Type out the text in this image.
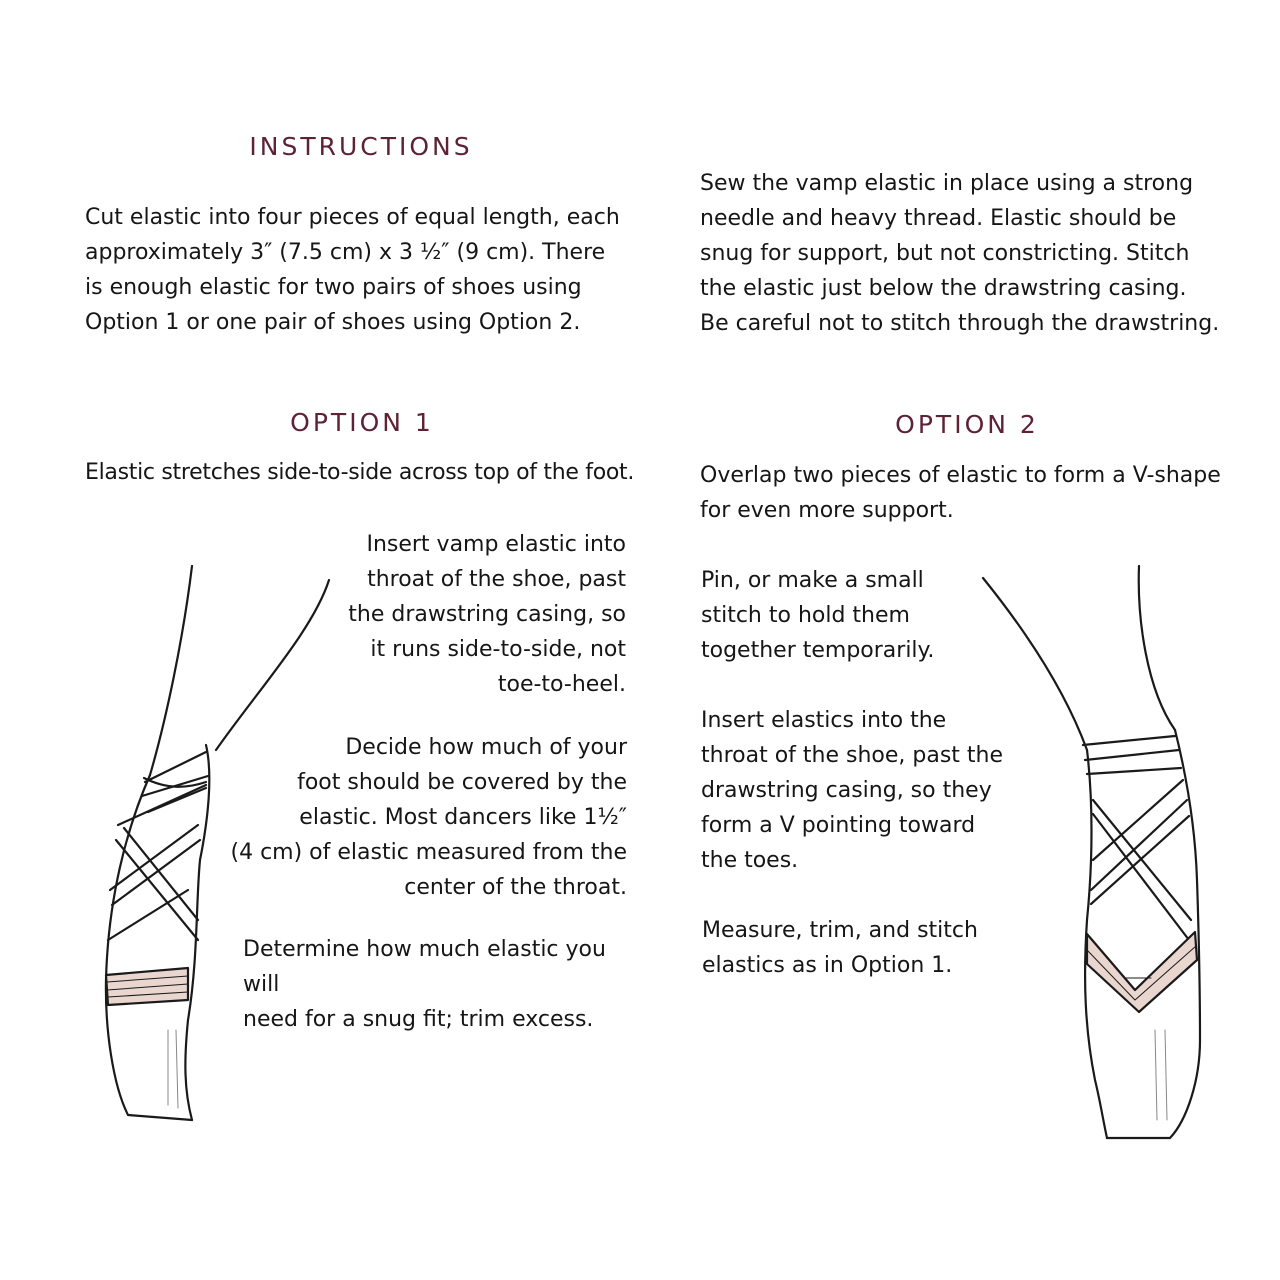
INSTRUCTIONS

Cut elastic into four pieces of equal length, each
approximately 3″ (7.5 cm) x 3 ½″ (9 cm). There
is enough elastic for two pairs of shoes using
Option 1 or one pair of shoes using Option 2.

OPTION 1

Elastic stretches side-to-side across top of the foot.

Insert vamp elastic into
throat of the shoe, past
the drawstring casing, so
it runs side-to-side, not
toe-to-heel.

Decide how much of your
foot should be covered by the
elastic. Most dancers like 1½″
(4 cm) of elastic measured from the
center of the throat.

Determine how much elastic you will
need for a snug fit; trim excess.

Sew the vamp elastic in place using a strong
needle and heavy thread. Elastic should be
snug for support, but not constricting. Stitch
the elastic just below the drawstring casing.
Be careful not to stitch through the drawstring.

OPTION 2

Overlap two pieces of elastic to form a V-shape
for even more support.

Pin, or make a small
stitch to hold them
together temporarily.

Insert elastics into the
throat of the shoe, past the
drawstring casing, so they
form a V pointing toward
the toes.

Measure, trim, and stitch
elastics as in Option 1.
